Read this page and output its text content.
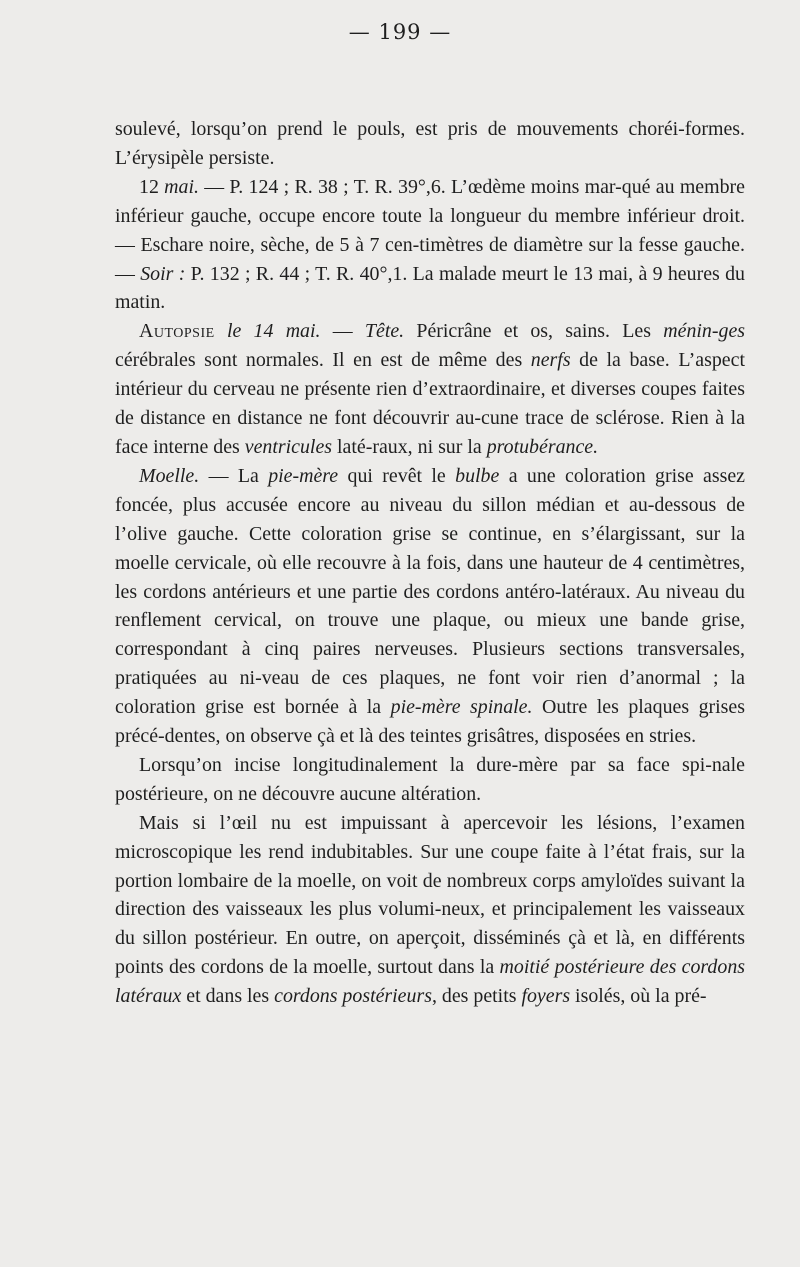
— 199 —

soulevé, lorsqu’on prend le pouls, est pris de mouvements choréi-formes. L’érysipèle persiste.

12 mai. — P. 124 ; R. 38 ; T. R. 39°,6. L’œdème moins mar-qué au membre inférieur gauche, occupe encore toute la longueur du membre inférieur droit. — Eschare noire, sèche, de 5 à 7 cen-timètres de diamètre sur la fesse gauche. — Soir : P. 132 ; R. 44 ; T. R. 40°,1. La malade meurt le 13 mai, à 9 heures du matin.

Autopsie le 14 mai. — Tête. Péricrâne et os, sains. Les ménin-ges cérébrales sont normales. Il en est de même des nerfs de la base. L’aspect intérieur du cerveau ne présente rien d’extraordinaire, et diverses coupes faites de distance en distance ne font découvrir au-cune trace de sclérose. Rien à la face interne des ventricules laté-raux, ni sur la protubérance.

Moelle. — La pie-mère qui revêt le bulbe a une coloration grise assez foncée, plus accusée encore au niveau du sillon médian et au-dessous de l’olive gauche. Cette coloration grise se continue, en s’élargissant, sur la moelle cervicale, où elle recouvre à la fois, dans une hauteur de 4 centimètres, les cordons antérieurs et une partie des cordons antéro-latéraux. Au niveau du renflement cervical, on trouve une plaque, ou mieux une bande grise, correspondant à cinq paires nerveuses. Plusieurs sections transversales, pratiquées au ni-veau de ces plaques, ne font voir rien d’anormal ; la coloration grise est bornée à la pie-mère spinale. Outre les plaques grises précé-dentes, on observe çà et là des teintes grisâtres, disposées en stries.

Lorsqu’on incise longitudinalement la dure-mère par sa face spi-nale postérieure, on ne découvre aucune altération.

Mais si l’œil nu est impuissant à apercevoir les lésions, l’examen microscopique les rend indubitables. Sur une coupe faite à l’état frais, sur la portion lombaire de la moelle, on voit de nombreux corps amyloïdes suivant la direction des vaisseaux les plus volumi-neux, et principalement les vaisseaux du sillon postérieur. En outre, on aperçoit, disséminés çà et là, en différents points des cordons de la moelle, surtout dans la moitié postérieure des cordons latéraux et dans les cordons postérieurs, des petits foyers isolés, où la pré-
